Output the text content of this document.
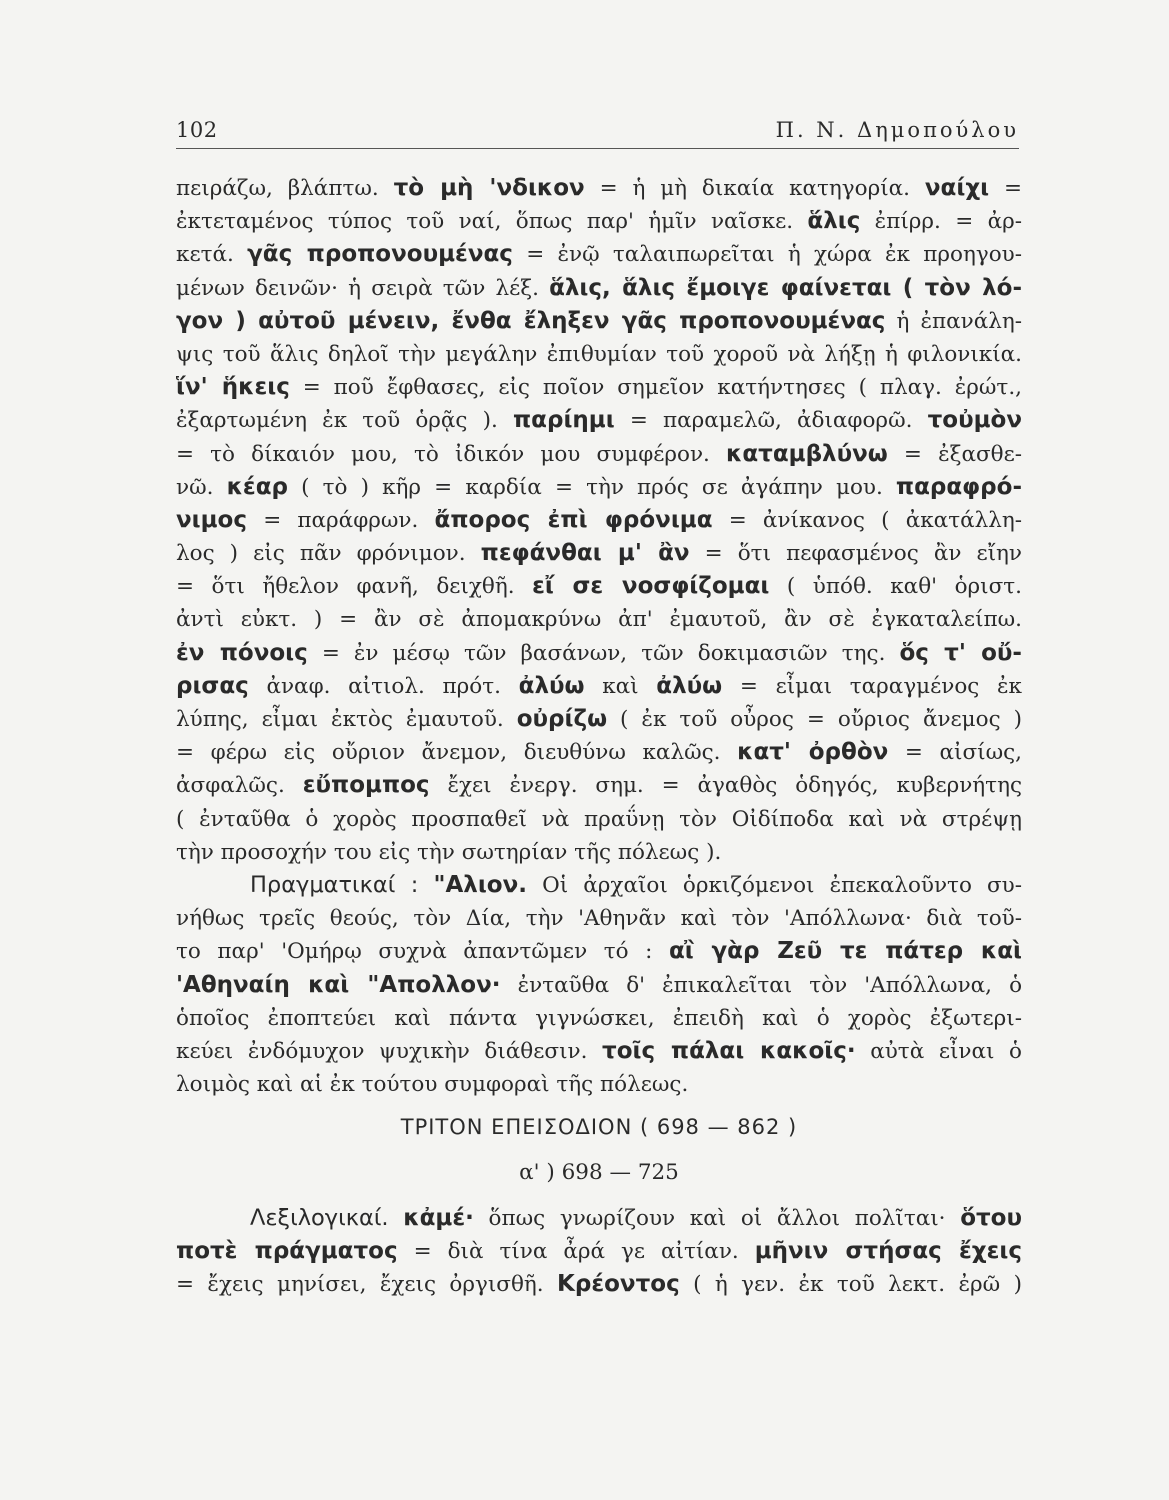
102	Π. Ν. Δημοπούλου
πειράζω, βλάπτω. τὸ μὴ 'νδικον = ἡ μὴ δικαία κατηγορία. ναίχι =
ἐκτεταμένος τύπος τοῦ ναί, ὅπως παρ' ἡμῖν ναῖσκε. ἅλις ἐπίρρ. = ἀρ-
κετά. γᾶς προπονουμένας = ἐνῷ ταλαιπωρεῖται ἡ χώρα ἐκ προηγου-
μένων δεινῶν· ἡ σειρὰ τῶν λέξ. ἅλις, ἅλις ἔμοιγε φαίνεται ( τὸν λό-
γον ) αὐτοῦ μένειν, ἔνθα ἔληξεν γᾶς προπονουμένας ἡ ἐπανάλη-
ψις τοῦ ἅλις δηλοῖ τὴν μεγάλην ἐπιθυμίαν τοῦ χοροῦ νὰ λήξῃ ἡ φιλονικία.
ἵν' ἥκεις = ποῦ ἔφθασες, εἰς ποῖον σημεῖον κατήντησες ( πλαγ. ἐρώτ.,
ἐξαρτωμένη ἐκ τοῦ ὁρᾷς ). παρίημι = παραμελῶ, ἀδιαφορῶ. τοὐμὸν
= τὸ δίκαιόν μου, τὸ ἰδικόν μου συμφέρον. καταμβλύνω = ἐξασθε-
νῶ. κέαρ ( τὸ ) κῆρ = καρδία = τὴν πρός σε ἀγάπην μου. παραφρό-
νιμος = παράφρων. ἄπορος ἐπὶ φρόνιμα = ἀνίκανος ( ἀκατάλλη-
λος ) εἰς πᾶν φρόνιμον. πεφάνθαι μ' ἂν = ὅτι πεφασμένος ἂν εἴην
= ὅτι ἤθελον φανῆ, δειχθῆ. εἴ σε νοσφίζομαι ( ὑπόθ. καθ' ὁριστ.
ἀντὶ εὐκτ. ) = ἂν σὲ ἀπομακρύνω ἀπ' ἐμαυτοῦ, ἂν σὲ ἐγκαταλείπω.
ἐν πόνοις = ἐν μέσῳ τῶν βασάνων, τῶν δοκιμασιῶν της. ὅς τ' οὔ-
ρισας ἀναφ. αἰτιολ. πρότ. ἀλύω καὶ ἀλύω = εἶμαι ταραγμένος ἐκ
λύπης, εἶμαι ἐκτὸς ἐμαυτοῦ. οὐρίζω ( ἐκ τοῦ οὖρος = οὔριος ἄνεμος )
= φέρω εἰς οὔριον ἄνεμον, διευθύνω καλῶς. κατ' ὀρθὸν = αἰσίως,
ἀσφαλῶς. εὔπομπος ἔχει ἐνεργ. σημ. = ἀγαθὸς ὁδηγός, κυβερνήτης
( ἐνταῦθα ὁ χορὸς προσπαθεῖ νὰ πραΰνῃ τὸν Οἰδίποδα καὶ νὰ στρέψῃ
τὴν προσοχήν του εἰς τὴν σωτηρίαν τῆς πόλεως ).
Πραγματικαί : "Αλιον. Οἱ ἀρχαῖοι ὁρκιζόμενοι ἐπεκαλοῦντο συ-
νήθως τρεῖς θεούς, τὸν Δία, τὴν 'Αθηνᾶν καὶ τὸν 'Απόλλωνα· διὰ τοῦ-
το παρ' 'Ομήρῳ συχνὰ ἀπαντῶμεν τό : αἲ γὰρ Ζεῦ τε πάτερ καὶ
'Αθηναίη καὶ "Απολλον· ἐνταῦθα δ' ἐπικαλεῖται τὸν 'Απόλλωνα, ὁ
ὁποῖος ἐποπτεύει καὶ πάντα γιγνώσκει, ἐπειδὴ καὶ ὁ χορὸς ἐξωτερι-
κεύει ἐνδόμυχον ψυχικὴν διάθεσιν. τοῖς πάλαι κακοῖς· αὐτὰ εἶναι ὁ
λοιμὸς καὶ αἱ ἐκ τούτου συμφοραὶ τῆς πόλεως.
ΤΡΙΤΟΝ ΕΠΕΙΣΟΔΙΟΝ ( 698 — 862 )
α' ) 698 — 725
Λεξιλογικαί. κἀμέ· ὅπως γνωρίζουν καὶ οἱ ἄλλοι πολῖται· ὅτου
ποτὲ πράγματος = διὰ τίνα ἆρά γε αἰτίαν. μῆνιν στήσας ἔχεις
= ἔχεις μηνίσει, ἔχεις ὀργισθῆ. Κρέοντος ( ἡ γεν. ἐκ τοῦ λεκτ. ἐρῶ )
